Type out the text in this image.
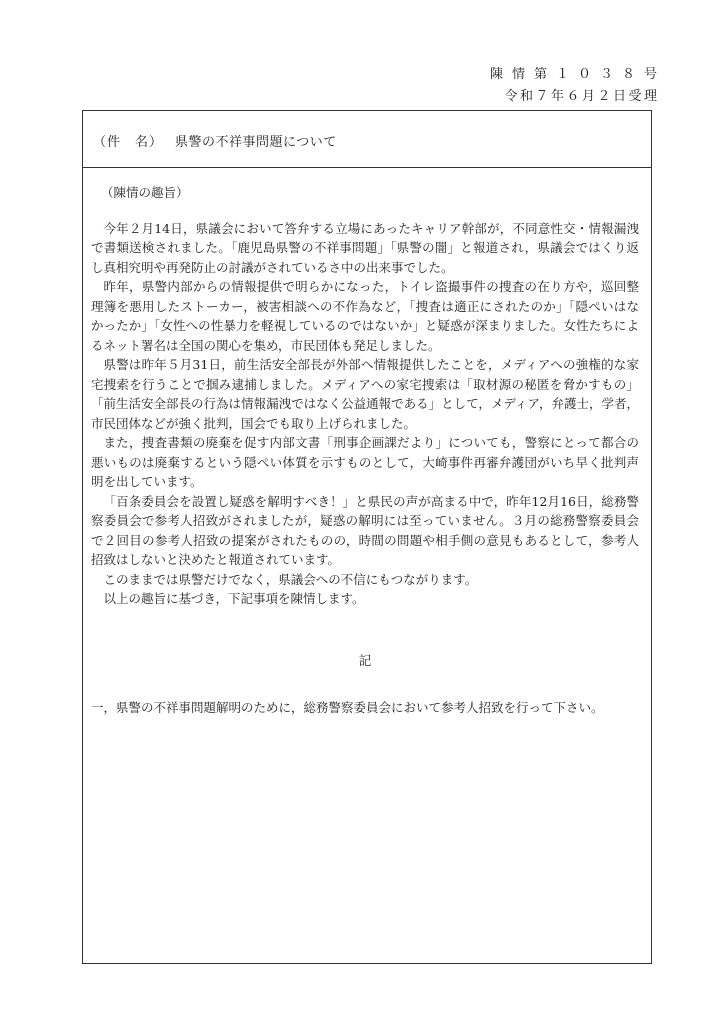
陳情第１０３８号
令和７年６月２日受理
（件　名） 県警の不祥事問題について
（陳情の趣旨）

今年２月14日，県議会において答弁する立場にあったキャリア幹部が，不同意性交・情報漏洩で書類送検されました。「鹿児島県警の不祥事問題」「県警の闇」と報道され，県議会ではくり返し真相究明や再発防止の討議がされているさ中の出来事でした。

昨年，県警内部からの情報提供で明らかになった，トイレ盗撮事件の捜査の在り方や，巡回整理簿を悪用したストーカー，被害相談への不作為など，「捜査は適正にされたのか」「隠ぺいはなかったか」「女性への性暴力を軽視しているのではないか」と疑惑が深まりました。女性たちによるネット署名は全国の関心を集め，市民団体も発足しました。

県警は昨年５月31日，前生活安全部長が外部へ情報提供したことを，メディアへの強権的な家宅捜索を行うことで掴み逮捕しました。メディアへの家宅捜索は「取材源の秘匿を脅かすもの」「前生活安全部長の行為は情報漏洩ではなく公益通報である」として，メディア，弁護士，学者，市民団体などが強く批判，国会でも取り上げられました。

また，捜査書類の廃棄を促す内部文書「刑事企画課だより」についても，警察にとって都合の悪いものは廃棄するという隠ぺい体質を示すものとして，大崎事件再審弁護団がいち早く批判声明を出しています。

「百条委員会を設置し疑惑を解明すべき！」と県民の声が高まる中で，昨年12月16日，総務警察委員会で参考人招致がされましたが，疑惑の解明には至っていません。３月の総務警察委員会で２回目の参考人招致の提案がされたものの，時間の問題や相手側の意見もあるとして，参考人招致はしないと決めたと報道されています。

このままでは県警だけでなく，県議会への不信にもつながります。

以上の趣旨に基づき，下記事項を陳情します。

記

一，県警の不祥事問題解明のために，総務警察委員会において参考人招致を行って下さい。
